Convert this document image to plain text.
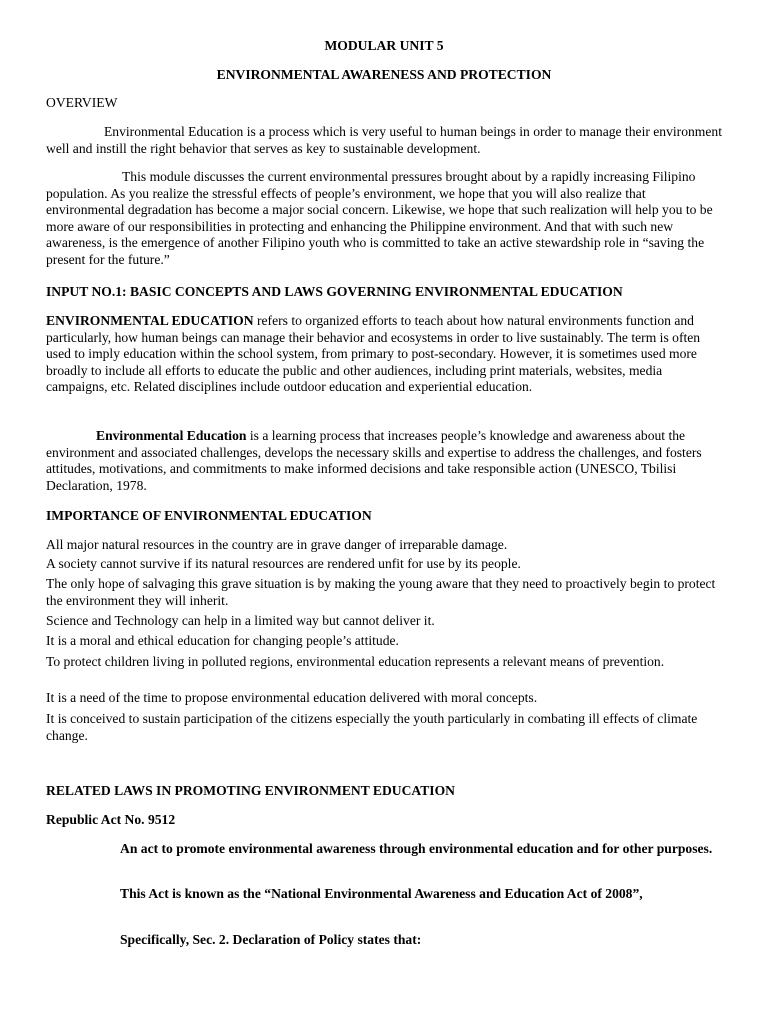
MODULAR UNIT 5

ENVIRONMENTAL AWARENESS AND PROTECTION

OVERVIEW

Environmental Education is a process which is very useful to human beings in order to manage their environment well and instill the right behavior that serves as key to sustainable development.

This module discusses the current environmental pressures brought about by a rapidly increasing Filipino population. As you realize the stressful effects of people’s environment, we hope that you will also realize that environmental degradation has become a major social concern. Likewise, we hope that such realization will help you to be more aware of our responsibilities in protecting and enhancing the Philippine environment. And that with such new awareness, is the emergence of another Filipino youth who is committed to take an active stewardship role in “saving the present for the future.”

INPUT NO.1: BASIC CONCEPTS AND LAWS GOVERNING ENVIRONMENTAL EDUCATION

ENVIRONMENTAL EDUCATION refers to organized efforts to teach about how natural environments function and particularly, how human beings can manage their behavior and ecosystems in order to live sustainably. The term is often used to imply education within the school system, from primary to post-secondary. However, it is sometimes used more broadly to include all efforts to educate the public and other audiences, including print materials, websites, media campaigns, etc. Related disciplines include outdoor education and experiential education.

Environmental Education is a learning process that increases people’s knowledge and awareness about the environment and associated challenges, develops the necessary skills and expertise to address the challenges, and fosters attitudes, motivations, and commitments to make informed decisions and take responsible action (UNESCO, Tbilisi Declaration, 1978.

IMPORTANCE OF ENVIRONMENTAL EDUCATION

All major natural resources in the country are in grave danger of irreparable damage.

A society cannot survive if its natural resources are rendered unfit for use by its people.

The only hope of salvaging this grave situation is by making the young aware that they need to proactively begin to protect the environment they will inherit.

Science and Technology can help in a limited way but cannot deliver it.

It is a moral and ethical education for changing people’s attitude.

To protect children living in polluted regions, environmental education represents a relevant means of prevention.

It is a need of the time to propose environmental education delivered with moral concepts.

It is conceived to sustain participation of the citizens especially the youth particularly in combating ill effects of climate change.

RELATED LAWS IN PROMOTING ENVIRONMENT EDUCATION

Republic Act No. 9512

An act to promote environmental awareness through environmental education and for other purposes.

This Act is known as the “National Environmental Awareness and Education Act of 2008”,

Specifically, Sec. 2. Declaration of Policy states that:
